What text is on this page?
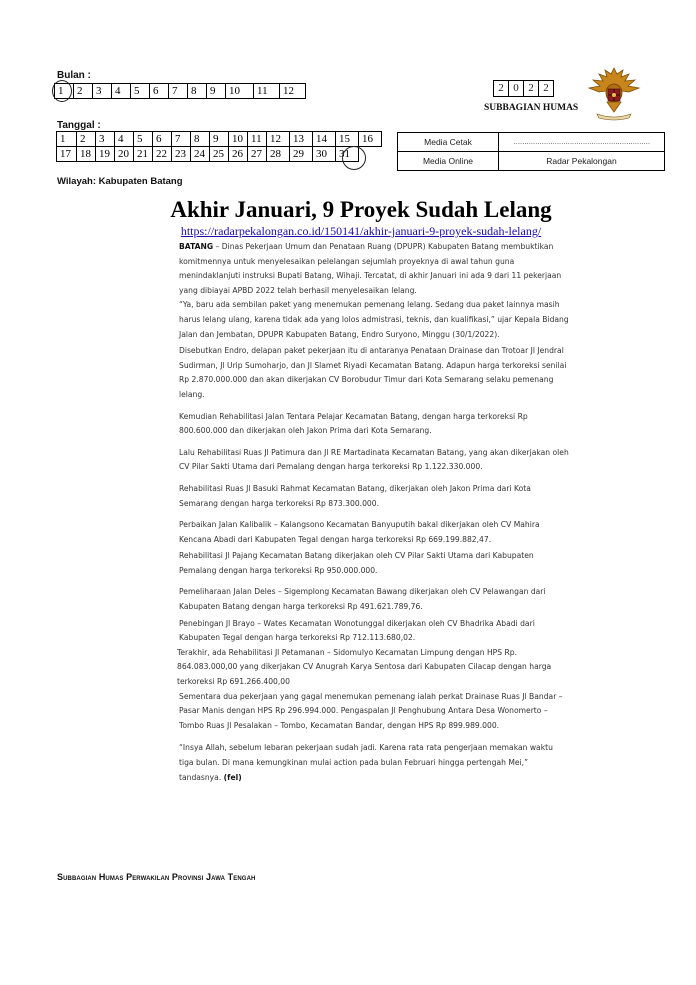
Bulan :
1	2	3	4	5	6	7	8	9	10	11	12
Tanggal :
1	2	3	4	5	6	7	8	9	10	11	12	13	14	15	16
17	18	19	20	21	22	23	24	25	26	27	28	29	30	31	
2 0 2 2
SUBBAGIAN HUMAS
Media Cetak	………………………………………………………
Media Online	Radar Pekalongan
Wilayah: Kabupaten Batang
Akhir Januari, 9 Proyek Sudah Lelang
https://radarpekalongan.co.id/150141/akhir-januari-9-proyek-sudah-lelang/

BATANG – Dinas Pekerjaan Umum dan Penataan Ruang (DPUPR) Kabupaten Batang membuktikan komitmennya untuk menyelesaikan pelelangan sejumlah proyeknya di awal tahun guna menindaklanjuti instruksi Bupati Batang, Wihaji. Tercatat, di akhir Januari ini ada 9 dari 11 pekerjaan yang dibiayai APBD 2022 telah berhasil menyelesaikan lelang.

“Ya, baru ada sembilan paket yang menemukan pemenang lelang. Sedang dua paket lainnya masih harus lelang ulang, karena tidak ada yang lolos admistrasi, teknis, dan kualifikasi,” ujar Kepala Bidang Jalan dan Jembatan, DPUPR Kabupaten Batang, Endro Suryono, Minggu (30/1/2022).

Disebutkan Endro, delapan paket pekerjaan itu di antaranya Penataan Drainase dan Trotoar Jl Jendral Sudirman, Jl Urip Sumoharjo, dan Jl Slamet Riyadi Kecamatan Batang. Adapun harga terkoreksi senilai Rp 2.870.000.000 dan akan dikerjakan CV Borobudur Timur dari Kota Semarang selaku pemenang lelang.

Kemudian Rehabilitasi Jalan Tentara Pelajar Kecamatan Batang, dengan harga terkoreksi Rp 800.600.000 dan dikerjakan oleh Jakon Prima dari Kota Semarang.

Lalu Rehabilitasi Ruas Jl Patimura dan Jl RE Martadinata Kecamatan Batang, yang akan dikerjakan oleh CV Pilar Sakti Utama dari Pemalang dengan harga terkoreksi Rp 1.122.330.000.

Rehabilitasi Ruas Jl Basuki Rahmat Kecamatan Batang, dikerjakan oleh Jakon Prima dari Kota Semarang dengan harga terkoreksi Rp 873.300.000.

Perbaikan Jalan Kalibalik – Kalangsono Kecamatan Banyuputih bakal dikerjakan oleh CV Mahira Kencana Abadi dari Kabupaten Tegal dengan harga terkoreksi Rp 669.199.882,47.

Rehabilitasi Jl Pajang Kecamatan Batang dikerjakan oleh CV Pilar Sakti Utama dari Kabupaten Pemalang dengan harga terkoreksi Rp 950.000.000.

Pemeliharaan Jalan Deles – Sigemplong Kecamatan Bawang dikerjakan oleh CV Pelawangan dari Kabupaten Batang dengan harga terkoreksi Rp 491.621.789,76.

Penebingan Jl Brayo – Wates Kecamatan Wonotunggal dikerjakan oleh CV Bhadrika Abadi dari Kabupaten Tegal dengan harga terkoreksi Rp 712.113.680,02.

Terakhir, ada Rehabilitasi Jl Petamanan – Sidomulyo Kecamatan Limpung dengan HPS Rp. 864.083.000,00 yang dikerjakan CV Anugrah Karya Sentosa dari Kabupaten Cilacap dengan harga terkoreksi Rp 691.266.400,00

Sementara dua pekerjaan yang gagal menemukan pemenang ialah perkat Drainase Ruas Jl Bandar – Pasar Manis dengan HPS Rp 296.994.000. Pengaspalan Jl Penghubung Antara Desa Wonomerto – Tombo Ruas Jl Pesalakan – Tombo, Kecamatan Bandar, dengan HPS Rp 899.989.000.

“Insya Allah, sebelum lebaran pekerjaan sudah jadi. Karena rata rata pengerjaan memakan waktu tiga bulan. Di mana kemungkinan mulai action pada bulan Februari hingga pertengah Mei,” tandasnya. (fel)

Subbagian Humas Perwakilan Provinsi Jawa Tengah
